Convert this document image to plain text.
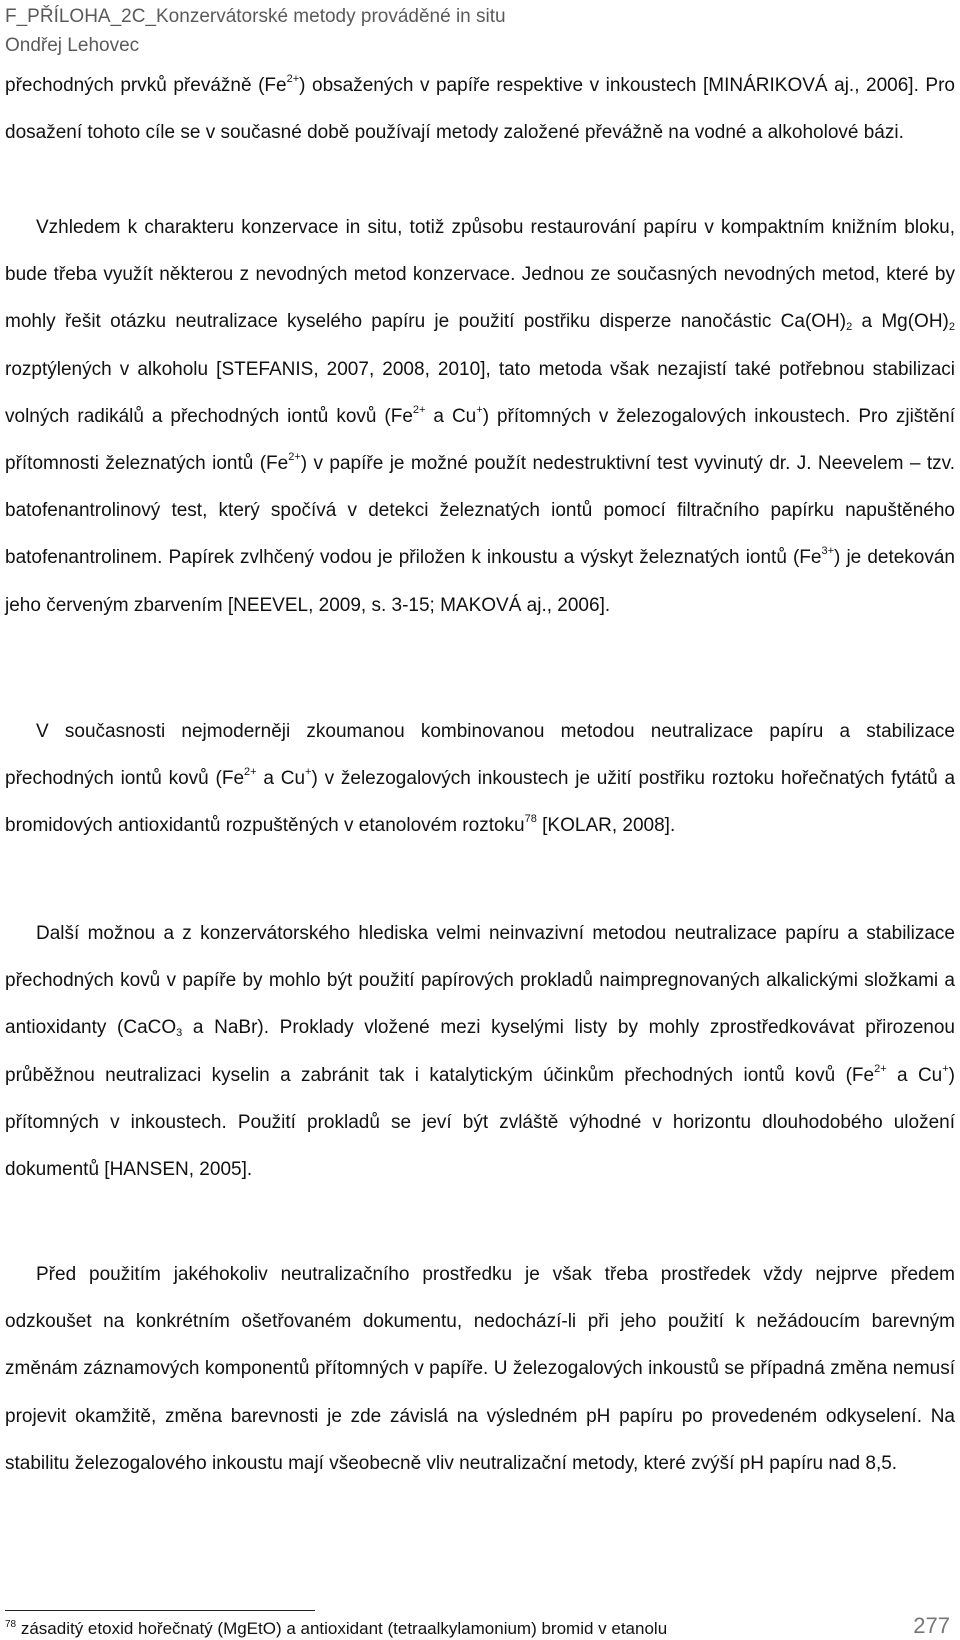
F_PŘÍLOHA_2C_Konzervátorské metody prováděné in situ
Ondřej Lehovec
přechodných prvků převážně $(Fe^{2+})$ obsažených v papíře respektive v inkoustech [MINÁRIKOVÁ aj., 2006]. Pro dosažení tohoto cíle se v současné době používají metody založené převážně na vodné a alkoholové bázi.
Vzhledem k charakteru konzervace in situ, totiž způsobu restaurování papíru v kompaktním knižním bloku, bude třeba využít některou z nevodných metod konzervace. Jednou ze současných nevodných metod, které by mohly řešit otázku neutralizace kyselého papíru je použití postřiku disperze nanočástic $Ca(OH)_2$ a $Mg(OH)_2$ rozptýlených v alkoholu [STEFANIS, 2007, 2008, 2010], tato metoda však nezajistí také potřebnou stabilizaci volných radikálů a přechodných iontů kovů ($Fe^{2+}$ a Cu+) přítomných v železogalových inkoustech. Pro zjištění přítomnosti železnatých iontů $(Fe^{2+})$ v papíře je možné použít nedestruktivní test vyvinutý dr. J. Neevelem – tzv. batofenantrolinový test, který spočívá v detekci železnatých iontů pomocí filtračního papírku napuštěného batofenantrolinem. Papírek zvlhčený vodou je přiložen k inkoustu a výskyt železnatých iontů $(Fe^{3+})$ je detekován jeho červeným zbarvením [NEEVEL, 2009, s. 3-15; MAKOVÁ aj., 2006].
V současnosti nejmoderněji zkoumanou kombinovanou metodou neutralizace papíru a stabilizace přechodných iontů kovů ($Fe^{2+}$ a Cu+) v železogalových inkoustech je užití postřiku roztoku hořečnatých fytátů a bromidových antioxidantů rozpuštěných v etanolovém roztoku$^{78}$ [KOLAR, 2008].
Další možnou a z konzervátorského hlediska velmi neinvazivní metodou neutralizace papíru a stabilizace přechodných kovů v papíře by mohlo být použití papírových prokladů naimpregnovaných alkalickými složkami a antioxidanty (CaCO$_3$ a NaBr). Proklady vložené mezi kyselými listy by mohly zprostředkovávat přirozenou průběžnou neutralizaci kyselin a zabránit tak i katalytickým účinkům přechodných iontů kovů ($Fe^{2+}$ a Cu+) přítomných v inkoustech. Použití prokladů se jeví být zvláště výhodné v horizontu dlouhodobého uložení dokumentů [HANSEN, 2005].
Před použitím jakéhokoliv neutralizačního prostředku je však třeba prostředek vždy nejprve předem odzkoušet na konkrétním ošetřovaném dokumentu, nedochází-li při jeho použití k nežádoucím barevným změnám záznamových komponentů přítomných v papíře. U železogalových inkoustů se případná změna nemusí projevit okamžitě, změna barevnosti je zde závislá na výsledném pH papíru po provedeném odkyselení. Na stabilitu železogalového inkoustu mají všeobecně vliv neutralizační metody, které zvýší pH papíru nad 8,5.
$^{78}$ zásaditý etoxid hořečnatý (MgEtO) a antioxidant (tetraalkylamonium) bromid v etanolu	277
